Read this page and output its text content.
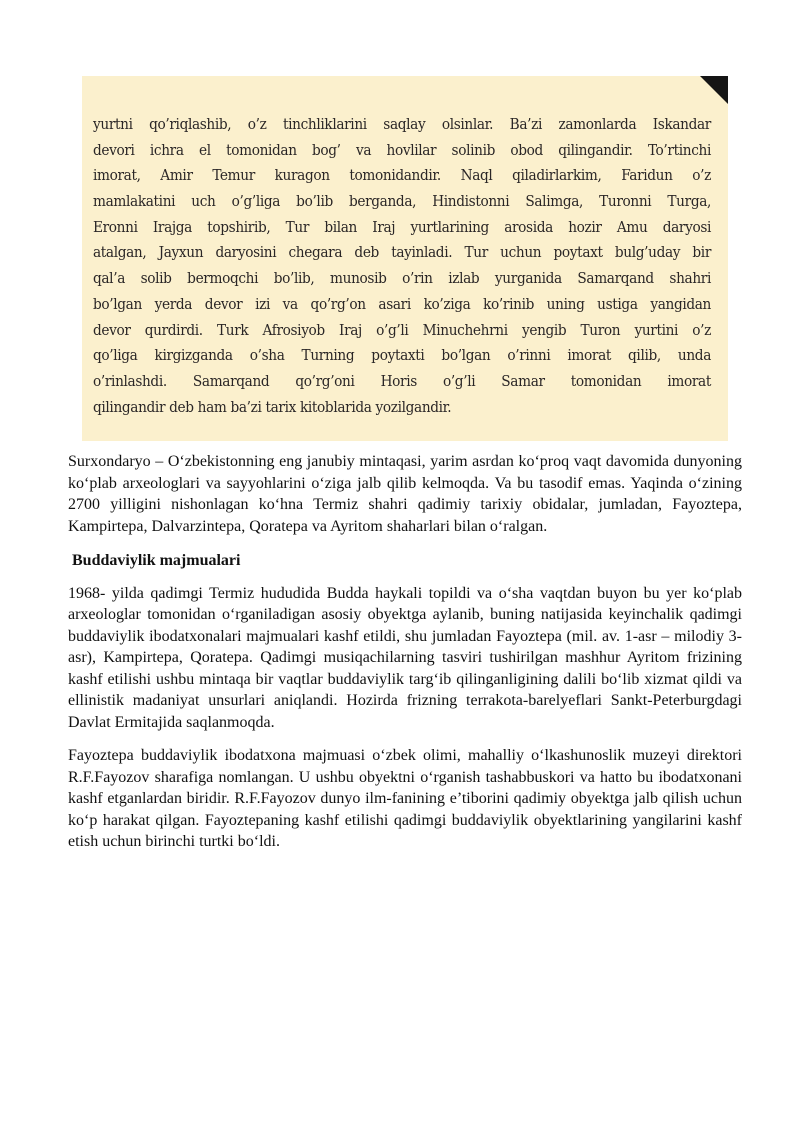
yurtni qo’riqlashib, o’z tinchliklarini saqlay olsinlar. Ba’zi zamonlarda Iskandar
devori ichra el tomonidan bog’ va hovlilar solinib obod qilingandir. To’rtinchi
imorat, Amir Temur kuragon tomonidandir. Naql qiladirlarkim, Faridun o’z
mamlakatini uch o’g’liga bo’lib berganda, Hindistonni Salimga, Turonni Turga,
Eronni Irajga topshirib, Tur bilan Iraj yurtlarining arosida hozir Amu daryosi
atalgan, Jayxun daryosini chegara deb tayinladi. Tur uchun poytaxt bulg’uday bir
qal’a solib bermoqchi bo’lib, munosib o’rin izlab yurganida Samarqand shahri
bo’lgan yerda devor izi va qo’rg’on asari ko’ziga ko’rinib uning ustiga yangidan
devor qurdirdi. Turk Afrosiyob Iraj o’g’li Minuchehrni yengib Turon yurtini o’z
qo’liga kirgizganda o’sha Turning poytaxti bo’lgan o’rinni imorat qilib, unda
o’rinlashdi. Samarqand qo’rg’oni Horis o’g’li Samar tomonidan imorat
qilingandir deb ham ba’zi tarix kitoblarida yozilgandir.

Surxondaryo – O‘zbekistonning eng janubiy mintaqasi, yarim asrdan ko‘proq vaqt davomida dunyoning ko‘plab arxeologlari va sayyohlarini o‘ziga jalb qilib kelmoqda. Va bu tasodif emas. Yaqinda o‘zining 2700 yilligini nishonlagan ko‘hna Termiz shahri qadimiy tarixiy obidalar, jumladan, Fayoztepa, Kampirtepa, Dalvarzintepa, Qoratepa va Ayritom shaharlari bilan o‘ralgan.

Buddaviylik majmualari

1968- yilda qadimgi Termiz hududida Budda haykali topildi va o‘sha vaqtdan buyon bu yer ko‘plab arxeologlar tomonidan o‘rganiladigan asosiy obyektga aylanib, buning natijasida keyinchalik qadimgi buddaviylik ibodatxonalari majmualari kashf etildi, shu jumladan Fayoztepa (mil. av. 1-asr – milodiy 3-asr), Kampirtepa, Qoratepa. Qadimgi musiqachilarning tasviri tushirilgan mashhur Ayritom frizining kashf etilishi ushbu mintaqa bir vaqtlar buddaviylik targ‘ib qilinganligining dalili bo‘lib xizmat qildi va ellinistik madaniyat unsurlari aniqlandi. Hozirda frizning terrakota-barelyeflari Sankt-Peterburgdagi Davlat Ermitajida saqlanmoqda.

Fayoztepa buddaviylik ibodatxona majmuasi o‘zbek olimi, mahalliy o‘lkashunoslik muzeyi direktori R.F.Fayozov sharafiga nomlangan. U ushbu obyektni o‘rganish tashabbuskori va hatto bu ibodatxonani kashf etganlardan biridir. R.F.Fayozov dunyo ilm-fanining e’tiborini qadimiy obyektga jalb qilish uchun ko‘p harakat qilgan. Fayoztepaning kashf etilishi qadimgi buddaviylik obyektlarining yangilarini kashf etish uchun birinchi turtki bo‘ldi.
